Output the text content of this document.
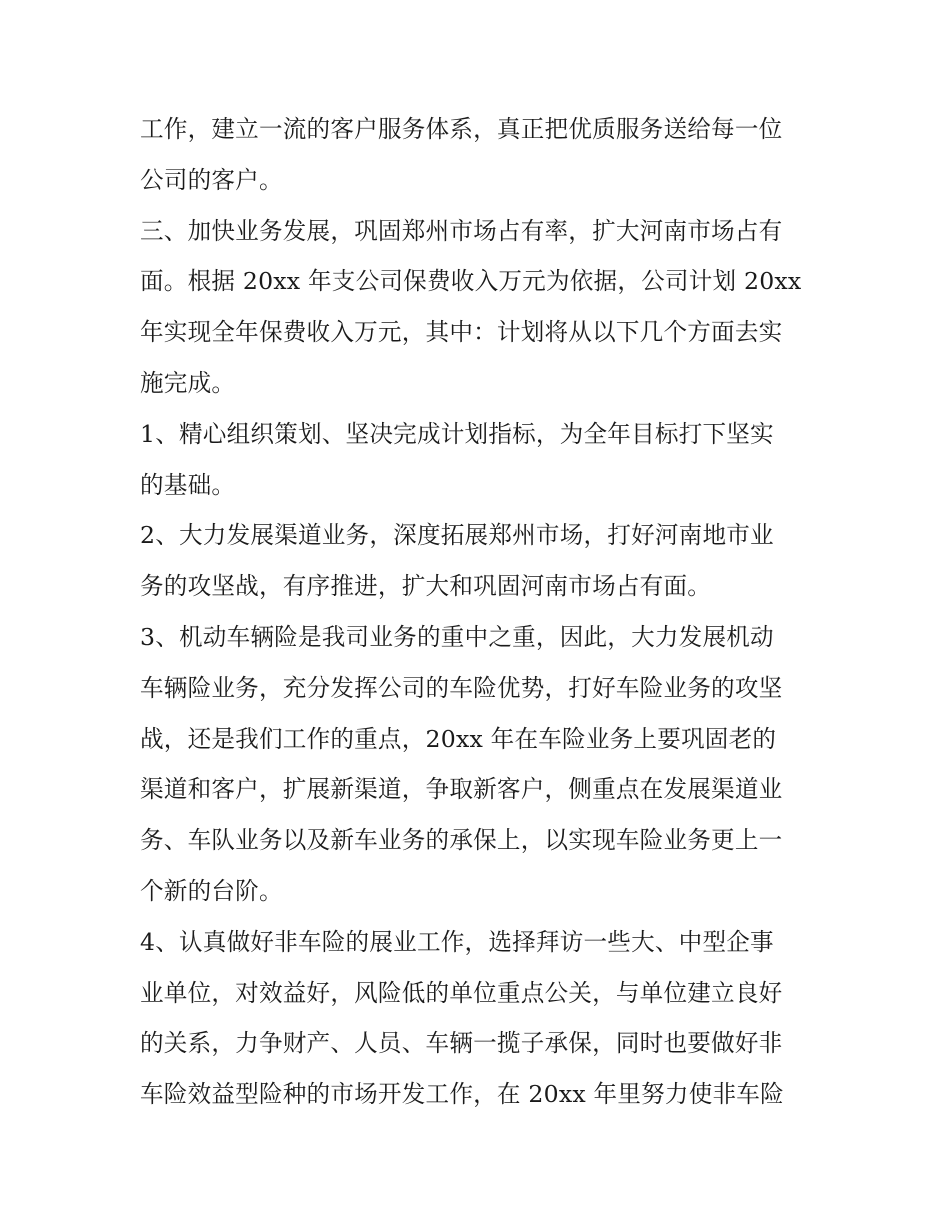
工作，建立一流的客户服务体系，真正把优质服务送给每一位
公司的客户。
三、加快业务发展，巩固郑州市场占有率，扩大河南市场占有
面。根据 20xx 年支公司保费收入万元为依据，公司计划 20xx
年实现全年保费收入万元，其中：计划将从以下几个方面去实
施完成。
1、精心组织策划、坚决完成计划指标，为全年目标打下坚实
的基础。
2、大力发展渠道业务，深度拓展郑州市场，打好河南地市业
务的攻坚战，有序推进，扩大和巩固河南市场占有面。
3、机动车辆险是我司业务的重中之重，因此，大力发展机动
车辆险业务，充分发挥公司的车险优势，打好车险业务的攻坚
战，还是我们工作的重点，20xx 年在车险业务上要巩固老的
渠道和客户，扩展新渠道，争取新客户，侧重点在发展渠道业
务、车队业务以及新车业务的承保上，以实现车险业务更上一
个新的台阶。
4、认真做好非车险的展业工作，选择拜访一些大、中型企事
业单位，对效益好，风险低的单位重点公关，与单位建立良好
的关系，力争财产、人员、车辆一揽子承保，同时也要做好非
车险效益型险种的市场开发工作，在 20xx 年里努力使非车险
